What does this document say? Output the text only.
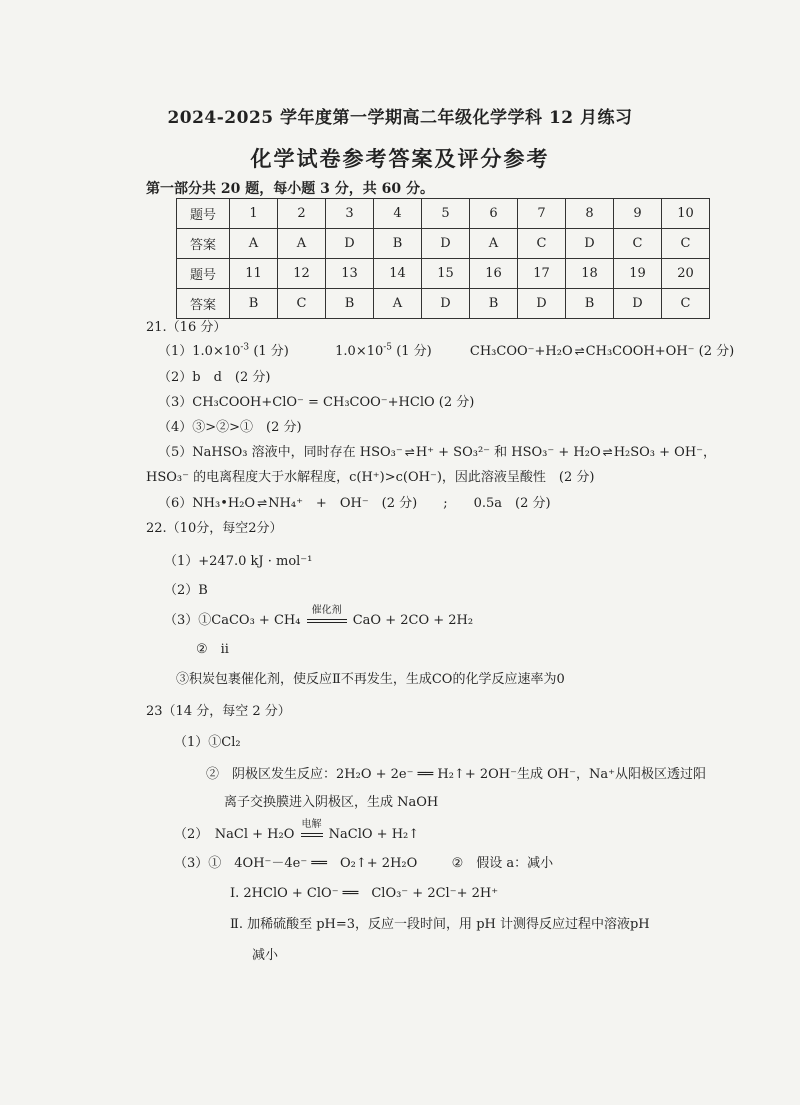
2024-2025 学年度第一学期高二年级化学学科 12 月练习
化学试卷参考答案及评分参考
第一部分共 20 题，每小题 3 分，共 60 分。
题号	1	2	3	4	5	6	7	8	9	10
答案	A	A	D	B	D	A	C	D	C	C
题号	11	12	13	14	15	16	17	18	19	20
答案	B	C	B	A	D	B	D	B	D	C
21.（16 分）
$(1)1.0\times 10^{-3}$ (1 分)	$1.0\times 10^{-5}$ (1 分)	CH₃COO⁻+H₂O ⇌ CH₃COOH+OH⁻ (2 分)
（2）b　d　(2 分)
（3）CH₃COOH+ClO⁻ = CH₃COO⁻+HClO (2 分)
（4）③>②>①　(2 分)
（5）NaHSO₃ 溶液中，同时存在 HSO₃⁻ ⇌ H⁺ + SO₃²⁻ 和 HSO₃⁻ + H₂O ⇌ H₂SO₃ + OH⁻，
HSO₃⁻ 的电离程度大于水解程度，c(H⁺)>c(OH⁻)，因此溶液呈酸性　(2 分)
（6）NH₃•H₂O ⇌ NH₄⁺　+　OH⁻　(2 分)　　;　　0.5a　(2 分)
22.（10分，每空2分）
（1）+247.0 kJ · mol⁻¹
（2）B
（3）①CaCO₃ + CH₄
催化剂
CaO + 2CO + 2H₂
②　ii
③积炭包裹催化剂，使反应Ⅱ不再发生，生成CO的化学反应速率为0
23（14 分，每空 2 分）
（1）①Cl₂
②　阴极区发生反应：2H₂O + 2e⁻ ══ H₂↑+ 2OH⁻生成 OH⁻，Na⁺从阳极区透过阳
离子交换膜进入阴极区，生成 NaOH
（2）　NaCl + H₂O
电解
NaClO + H₂↑
（3）①　4OH⁻－4e⁻ ══　O₂↑+ 2H₂O	②　假设 a：减小
Ⅰ. 2HClO + ClO⁻ ══　ClO₃⁻ + 2Cl⁻+ 2H⁺
Ⅱ. 加稀硫酸至 pH=3，反应一段时间，用 pH 计测得反应过程中溶液pH
减小
